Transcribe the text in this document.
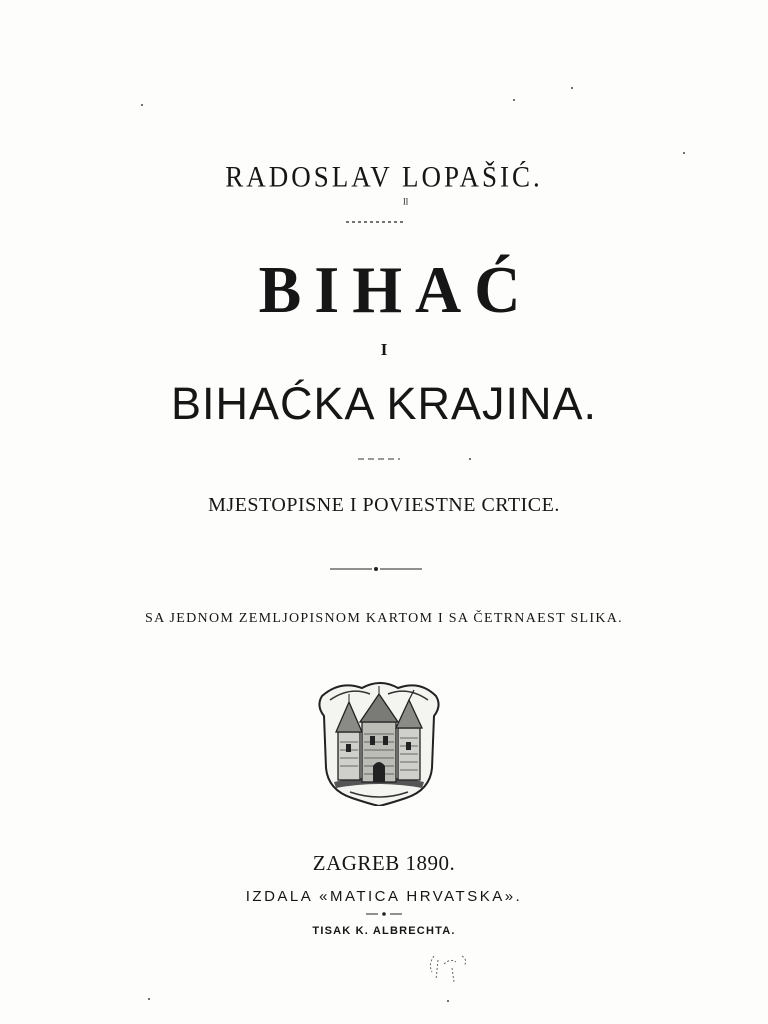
RADOSLAV LOPAŠIĆ.
ˡˡ
BIHAĆ
I
BIHAĆKA KRAJINA.
MJESTOPISNE I POVIESTNE CRTICE.
SA JEDNOM ZEMLJOPISNOM KARTOM I SA ČETRNAEST SLIKA.
ZAGREB 1890.
IZDALA «MATICA HRVATSKA».
TISAK K. ALBRECHTA.
